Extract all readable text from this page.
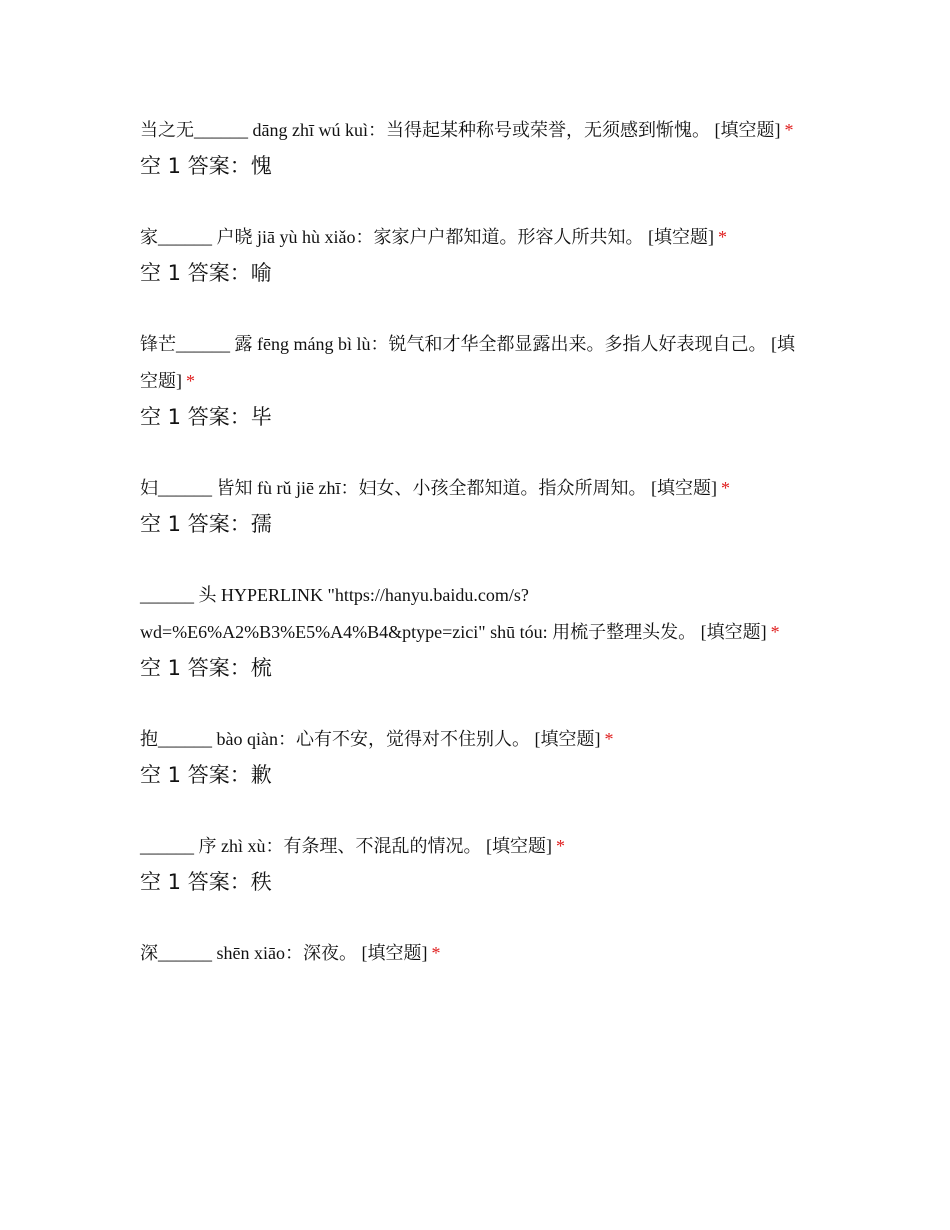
当之无______ dāng zhī wú kuì：当得起某种称号或荣誉，无须感到惭愧。 [填空题] *

空 1 答案：愧

家______ 户晓 jiā yù hù xiǎo：家家户户都知道。形容人所共知。 [填空题] *

空 1 答案：喻

锋芒______ 露 fēng máng bì lù：锐气和才华全都显露出来。多指人好表现自己。 [填空题] *

空 1 答案：毕

妇______ 皆知 fù rǔ jiē zhī：妇女、小孩全都知道。指众所周知。 [填空题] *

空 1 答案：孺

______ 头 HYPERLINK "https://hanyu.baidu.com/s?wd=%E6%A2%B3%E5%A4%B4&ptype=zici" shū tóu: 用梳子整理头发。 [填空题] *

空 1 答案：梳

抱______ bào qiàn：心有不安，觉得对不住别人。 [填空题] *

空 1 答案：歉

______ 序 zhì xù：有条理、不混乱的情况。 [填空题] *

空 1 答案：秩

深______ shēn xiāo：深夜。 [填空题] *
